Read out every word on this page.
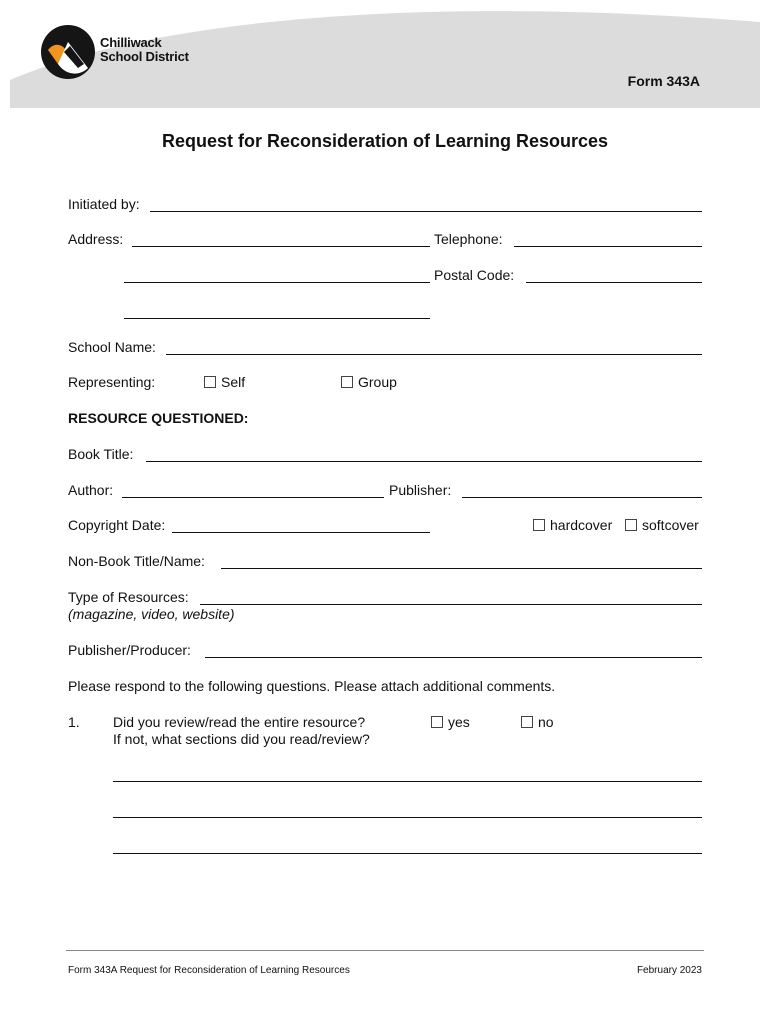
Chilliwack
School District
Form 343A
Request for Reconsideration of Learning Resources
Initiated by:
Address:	Telephone:
Postal Code:
School Name:
Representing:	Self	Group
RESOURCE QUESTIONED:
Book Title:
Author:	Publisher:
Copyright Date:	hardcover	softcover
Non-Book Title/Name:
Type of Resources:
(magazine, video, website)
Publisher/Producer:
Please respond to the following questions. Please attach additional comments.
1. Did you review/read the entire resource?
If not, what sections did you read/review?
yes	no
Form 343A Request for Reconsideration of Learning Resources	February 2023
